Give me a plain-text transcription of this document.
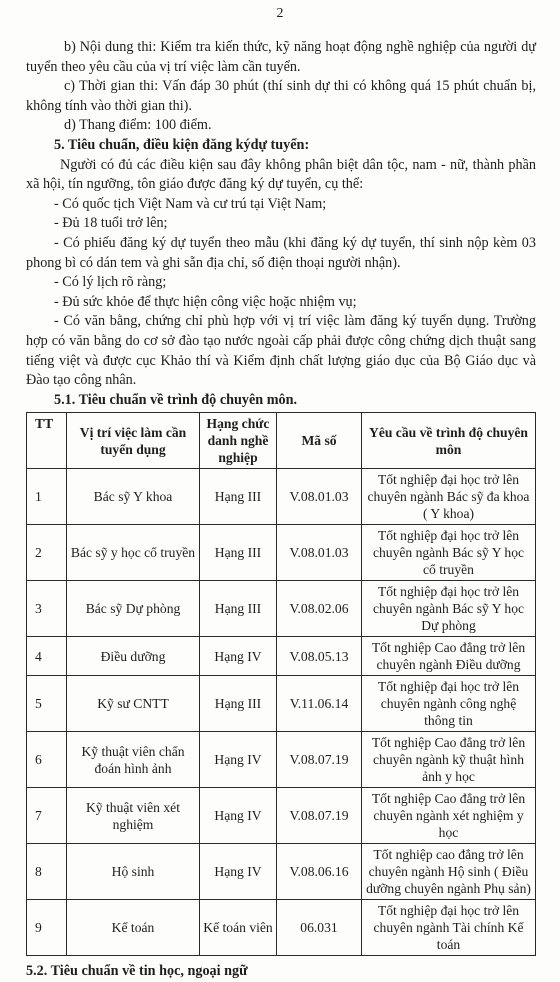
2

b) Nội dung thi: Kiểm tra kiến thức, kỹ năng hoạt động nghề nghiệp của người dự tuyển theo yêu cầu của vị trí việc làm cần tuyển.

c) Thời gian thi: Vấn đáp 30 phút (thí sinh dự thi có không quá 15 phút chuẩn bị, không tính vào thời gian thi).

d) Thang điểm: 100 điểm.

5. Tiêu chuẩn, điều kiện đăng kýdự tuyển:

Người có đủ các điều kiện sau đây không phân biệt dân tộc, nam - nữ, thành phần xã hội, tín ngưỡng, tôn giáo được đăng ký dự tuyển, cụ thể:

- Có quốc tịch Việt Nam và cư trú tại Việt Nam;

- Đủ 18 tuổi trở lên;

- Có phiếu đăng ký dự tuyển theo mẫu (khi đăng ký dự tuyển, thí sinh nộp kèm 03 phong bì có dán tem và ghi sẵn địa chỉ, số điện thoại người nhận).

- Có lý lịch rõ ràng;

- Đủ sức khỏe để thực hiện công việc hoặc nhiệm vụ;

- Có văn bằng, chứng chỉ phù hợp với vị trí việc làm đăng ký tuyển dụng. Trường hợp có văn bằng do cơ sở đào tạo nước ngoài cấp phải được công chứng dịch thuật sang tiếng việt và được cục Khảo thí và Kiểm định chất lượng giáo dục của Bộ Giáo dục và Đào tạo công nhân.

5.1. Tiêu chuẩn về trình độ chuyên môn.

TT	Vị trí việc làm cần tuyển dụng	Hạng chức danh nghề nghiệp	Mã số	Yêu cầu về trình độ chuyên môn
1	Bác sỹ Y khoa	Hạng III	V.08.01.03	Tốt nghiệp đại học trở lên chuyên ngành Bác sỹ đa khoa ( Y khoa)
2	Bác sỹ y học cổ truyền	Hạng III	V.08.01.03	Tốt nghiệp đại học trở lên chuyên ngành Bác sỹ Y học cổ truyền
3	Bác sỹ Dự phòng	Hạng III	V.08.02.06	Tốt nghiệp đại học trở lên chuyên ngành Bác sỹ Y học Dự phòng
4	Điều dưỡng	Hạng IV	V.08.05.13	Tốt nghiệp Cao đẳng trở lên chuyên ngành Điều dưỡng
5	Kỹ sư CNTT	Hạng III	V.11.06.14	Tốt nghiệp đại học trở lên chuyên ngành công nghệ thông tin
6	Kỹ thuật viên chẩn đoán hình ảnh	Hạng IV	V.08.07.19	Tốt nghiệp Cao đẳng trở lên chuyên ngành kỹ thuật hình ảnh y học
7	Kỹ thuật viên xét nghiệm	Hạng IV	V.08.07.19	Tốt nghiệp Cao đẳng trở lên chuyên ngành xét nghiệm y học
8	Hộ sinh	Hạng IV	V.08.06.16	Tốt nghiệp cao đẳng trở lên chuyên ngành Hộ sinh ( Điều dưỡng chuyên ngành Phụ sản)
9	Kế toán	Kế toán viên	06.031	Tốt nghiệp đại học trở lên chuyên ngành Tài chính Kế toán

5.2. Tiêu chuẩn về tin học, ngoại ngữ
